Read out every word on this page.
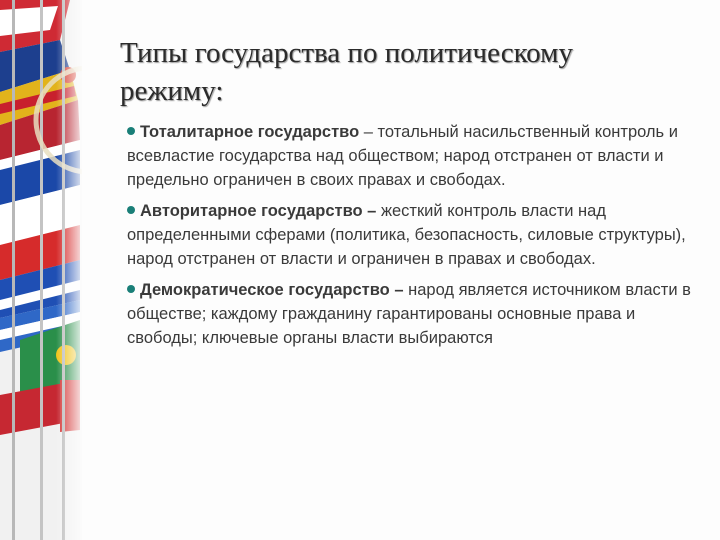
Типы государства по политическому режиму:
Тоталитарное государство – тотальный насильственный контроль и всевластие государства над обществом; народ отстранен от власти и предельно ограничен в своих правах и свободах.
Авторитарное государство – жесткий контроль власти над определенными сферами (политика, безопасность, силовые структуры), народ отстранен от власти и ограничен в правах и свободах.
Демократическое государство – народ является источником власти в обществе; каждому гражданину гарантированы основные права и свободы; ключевые органы власти выбираются
